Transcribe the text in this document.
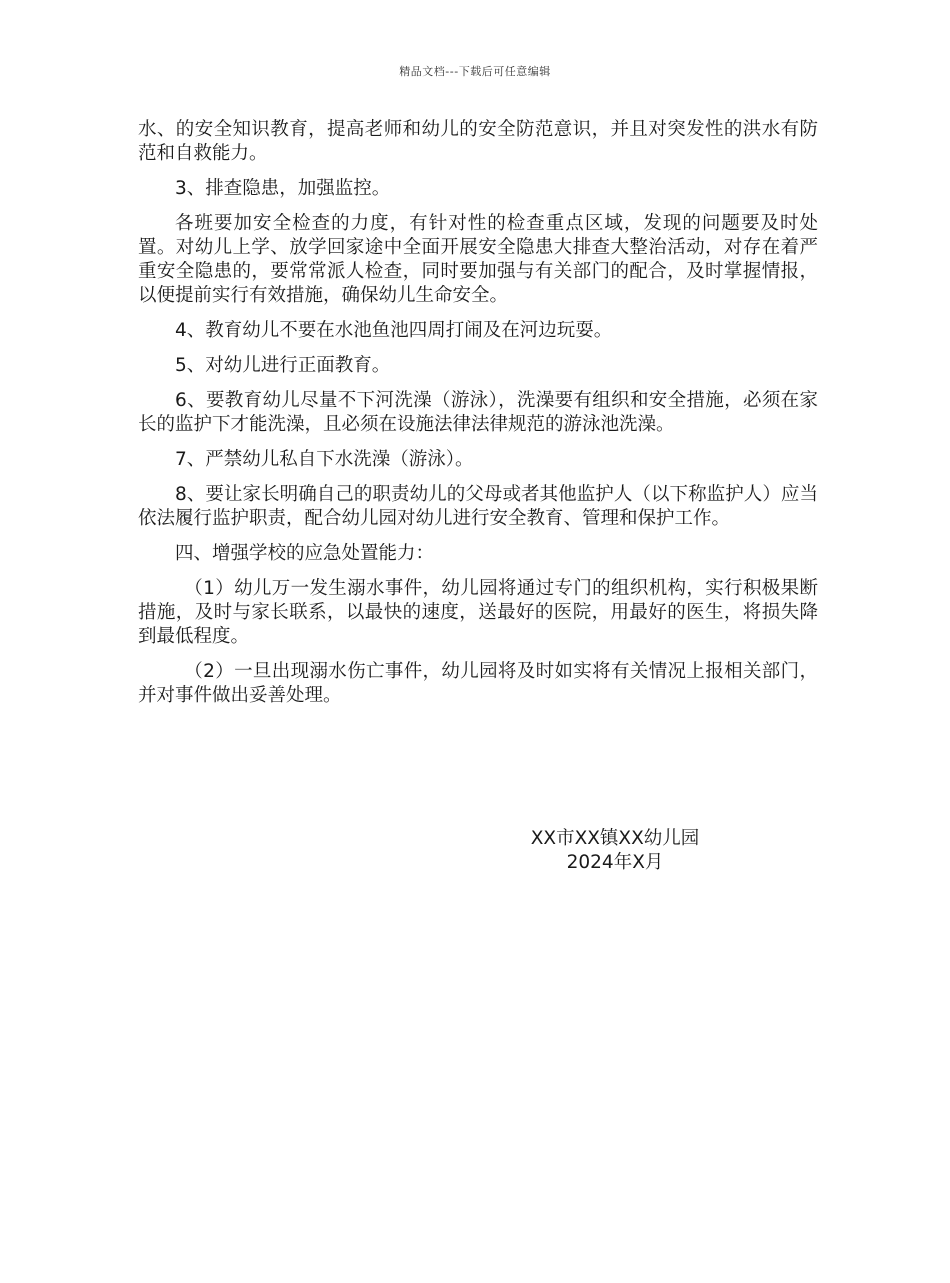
精品文档---下载后可任意编辑

水、的安全知识教育，提高老师和幼儿的安全防范意识，并且对突发性的洪水有防范和自救能力。

3、排查隐患，加强监控。

各班要加安全检查的力度，有针对性的检查重点区域，发现的问题要及时处置。对幼儿上学、放学回家途中全面开展安全隐患大排查大整治活动，对存在着严重安全隐患的，要常常派人检查，同时要加强与有关部门的配合，及时掌握情报，以便提前实行有效措施，确保幼儿生命安全。

4、教育幼儿不要在水池鱼池四周打闹及在河边玩耍。

5、对幼儿进行正面教育。

6、要教育幼儿尽量不下河洗澡（游泳），洗澡要有组织和安全措施，必须在家长的监护下才能洗澡，且必须在设施法律法律规范的游泳池洗澡。

7、严禁幼儿私自下水洗澡（游泳）。

8、要让家长明确自己的职责幼儿的父母或者其他监护人（以下称监护人）应当依法履行监护职责，配合幼儿园对幼儿进行安全教育、管理和保护工作。

四、增强学校的应急处置能力：

（1）幼儿万一发生溺水事件，幼儿园将通过专门的组织机构，实行积极果断措施，及时与家长联系，以最快的速度，送最好的医院，用最好的医生，将损失降到最低程度。

（2）一旦出现溺水伤亡事件，幼儿园将及时如实将有关情况上报相关部门，并对事件做出妥善处理。

XX市XX镇XX幼儿园
2024年X月
